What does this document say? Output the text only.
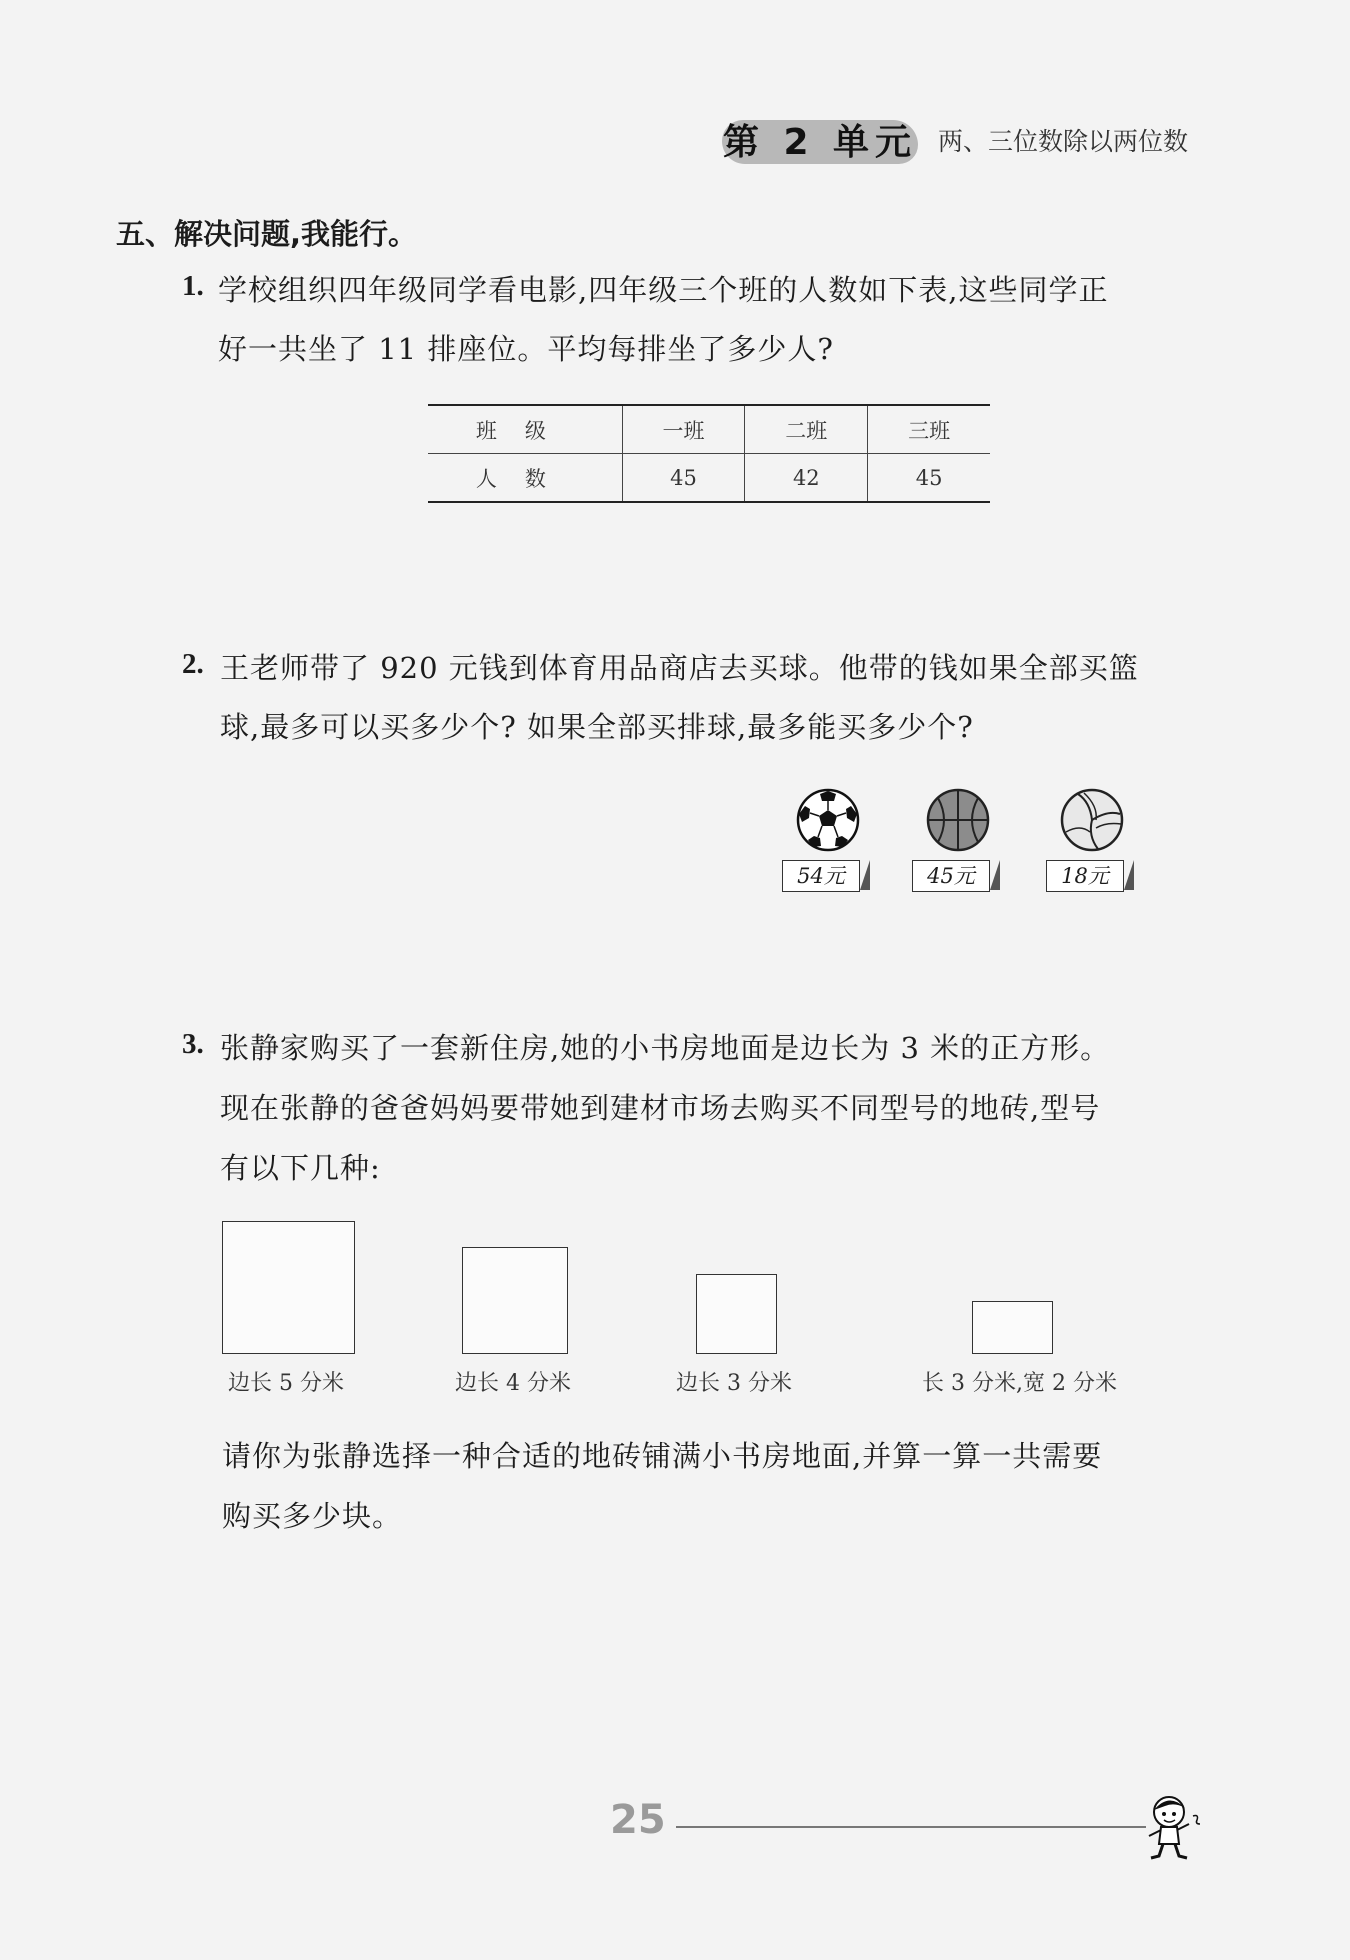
第 2 单元 两、三位数除以两位数
五、解决问题,我能行。
1. 学校组织四年级同学看电影,四年级三个班的人数如下表,这些同学正
好一共坐了 11 排座位。平均每排坐了多少人?
班级	一班	二班	三班
人数	45	42	45
2. 王老师带了 920 元钱到体育用品商店去买球。他带的钱如果全部买篮
球,最多可以买多少个? 如果全部买排球,最多能买多少个?
54元	45元	18元
3. 张静家购买了一套新住房,她的小书房地面是边长为 3 米的正方形。
现在张静的爸爸妈妈要带她到建材市场去购买不同型号的地砖,型号
有以下几种:
边长 5 分米	边长 4 分米	边长 3 分米	长 3 分米,宽 2 分米
请你为张静选择一种合适的地砖铺满小书房地面,并算一算一共需要
购买多少块。
25
